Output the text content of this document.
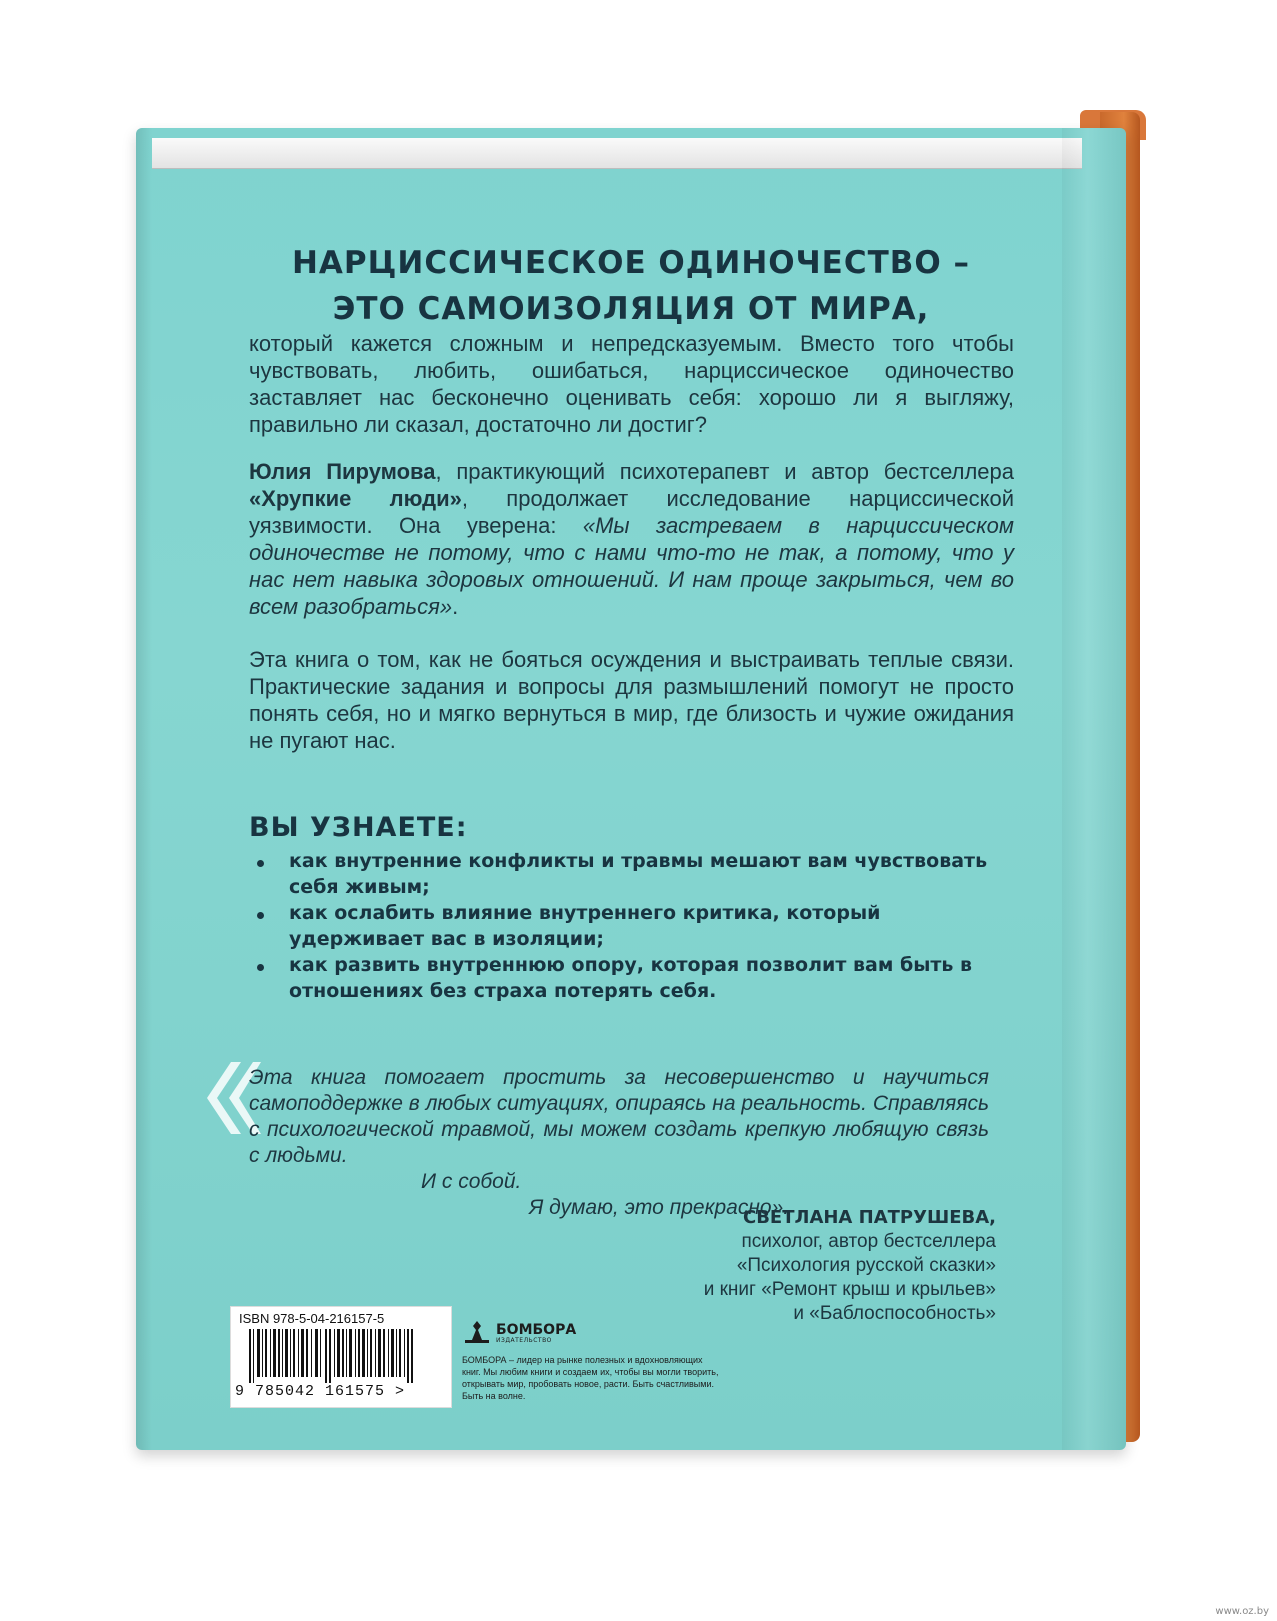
НАРЦИССИЧЕСКОЕ ОДИНОЧЕСТВО –
ЭТО САМОИЗОЛЯЦИЯ ОТ МИРА,

который кажется сложным и непредсказуемым. Вместо того чтобы чувствовать, любить, ошибаться, нарциссическое одиночество заставляет нас бесконечно оценивать себя: хорошо ли я выгляжу, правильно ли сказал, достаточно ли достиг?

Юлия Пирумова, практикующий психотерапевт и автор бестселлера «Хрупкие люди», продолжает исследование нарциссической уязвимости. Она уверена: «Мы застреваем в нарциссическом одиночестве не потому, что с нами что-то не так, а потому, что у нас нет навыка здоровых отношений. И нам проще закрыться, чем во всем разобраться».

Эта книга о том, как не бояться осуждения и выстраивать теплые связи. Практические задания и вопросы для размышлений помогут не просто понять себя, но и мягко вернуться в мир, где близость и чужие ожидания не пугают нас.

ВЫ УЗНАЕТЕ:
как внутренние конфликты и травмы мешают вам чувствовать себя живым;
как ослабить влияние внутреннего критика, который удерживает вас в изоляции;
как развить внутреннюю опору, которая позволит вам быть в отношениях без страха потерять себя.
Эта книга помогает простить за несовершенство и научиться самоподдержке в любых ситуациях, опираясь на реальность. Справляясь с психологической травмой, мы можем создать крепкую любящую связь с людьми.
И с собой.
Я думаю, это прекрасно».
СВЕТЛАНА ПАТРУШЕВА,
психолог, автор бестселлера
«Психология русской сказки»
и книг «Ремонт крыш и крыльев»
и «Баблоспособность»
ISBN 978-5-04-216157-5
9 785042 161575 >
БОМБОРА
ИЗДАТЕЛЬСТВО
БОМБОРА – лидер на рынке полезных и вдохновляющих книг. Мы любим книги и создаем их, чтобы вы могли творить, открывать мир, пробовать новое, расти. Быть счастливыми. Быть на волне.
www.oz.by
